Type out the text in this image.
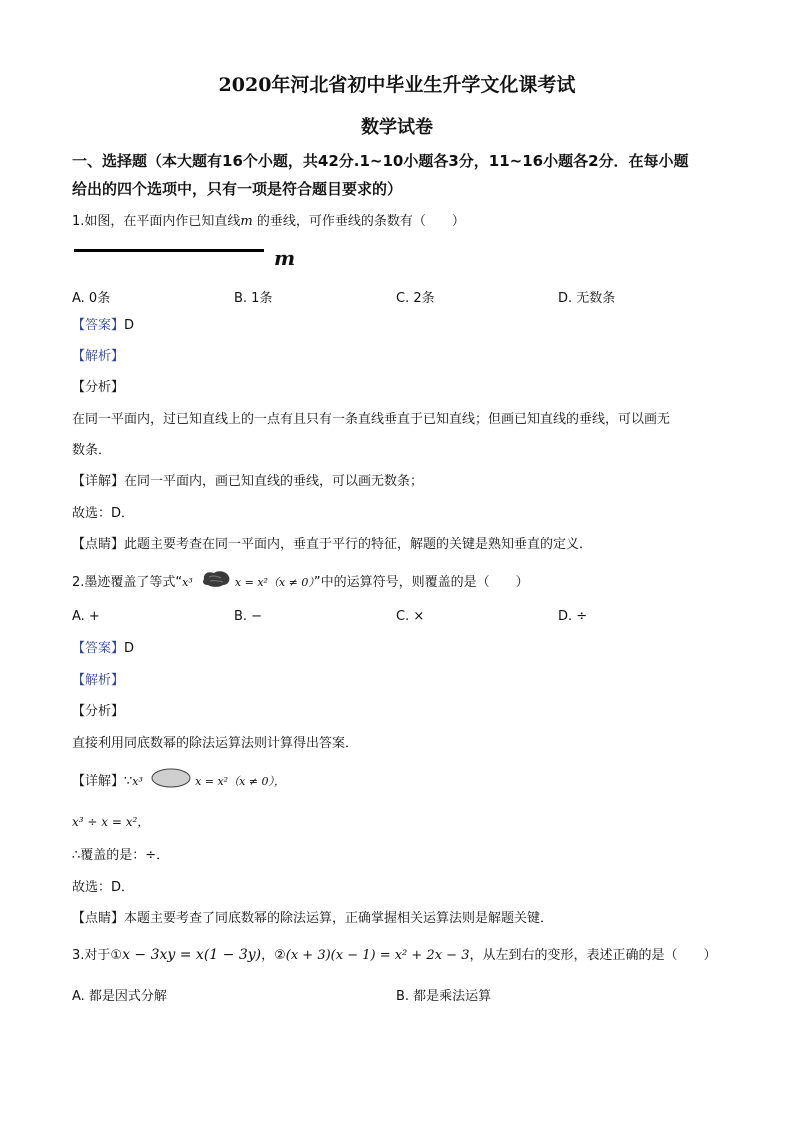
2020年河北省初中毕业生升学文化课考试
数学试卷
一、选择题（本大题有16个小题，共42分.1~10小题各3分，11~16小题各2分．在每小题
给出的四个选项中，只有一项是符合题目要求的）
1.如图，在平面内作已知直线m 的垂线，可作垂线的条数有（　　）
m
A. 0条	B. 1条	C. 2条	D. 无数条
【答案】D
【解析】
【分析】
在同一平面内，过已知直线上的一点有且只有一条直线垂直于已知直线；但画已知直线的垂线，可以画无
数条．
【详解】在同一平面内，画已知直线的垂线，可以画无数条；
故选：D．
【点睛】此题主要考查在同一平面内，垂直于平行的特征，解题的关键是熟知垂直的定义．
2.墨迹覆盖了等式“x³	x = x²（x ≠ 0）”中的运算符号，则覆盖的是（　　）
A. +	B. −	C. ×	D. ÷
【答案】D
【解析】
【分析】
直接利用同底数幂的除法运算法则计算得出答案．
【详解】∵x³	x = x²（x ≠ 0），
x³ ÷ x = x²，
∴覆盖的是：÷．
故选：D．
【点睛】本题主要考查了同底数幂的除法运算，正确掌握相关运算法则是解题关键．
3.对于①x − 3xy = x(1 − 3y)，②(x + 3)(x − 1) = x² + 2x − 3，从左到右的变形，表述正确的是（　　）
A. 都是因式分解	B. 都是乘法运算
